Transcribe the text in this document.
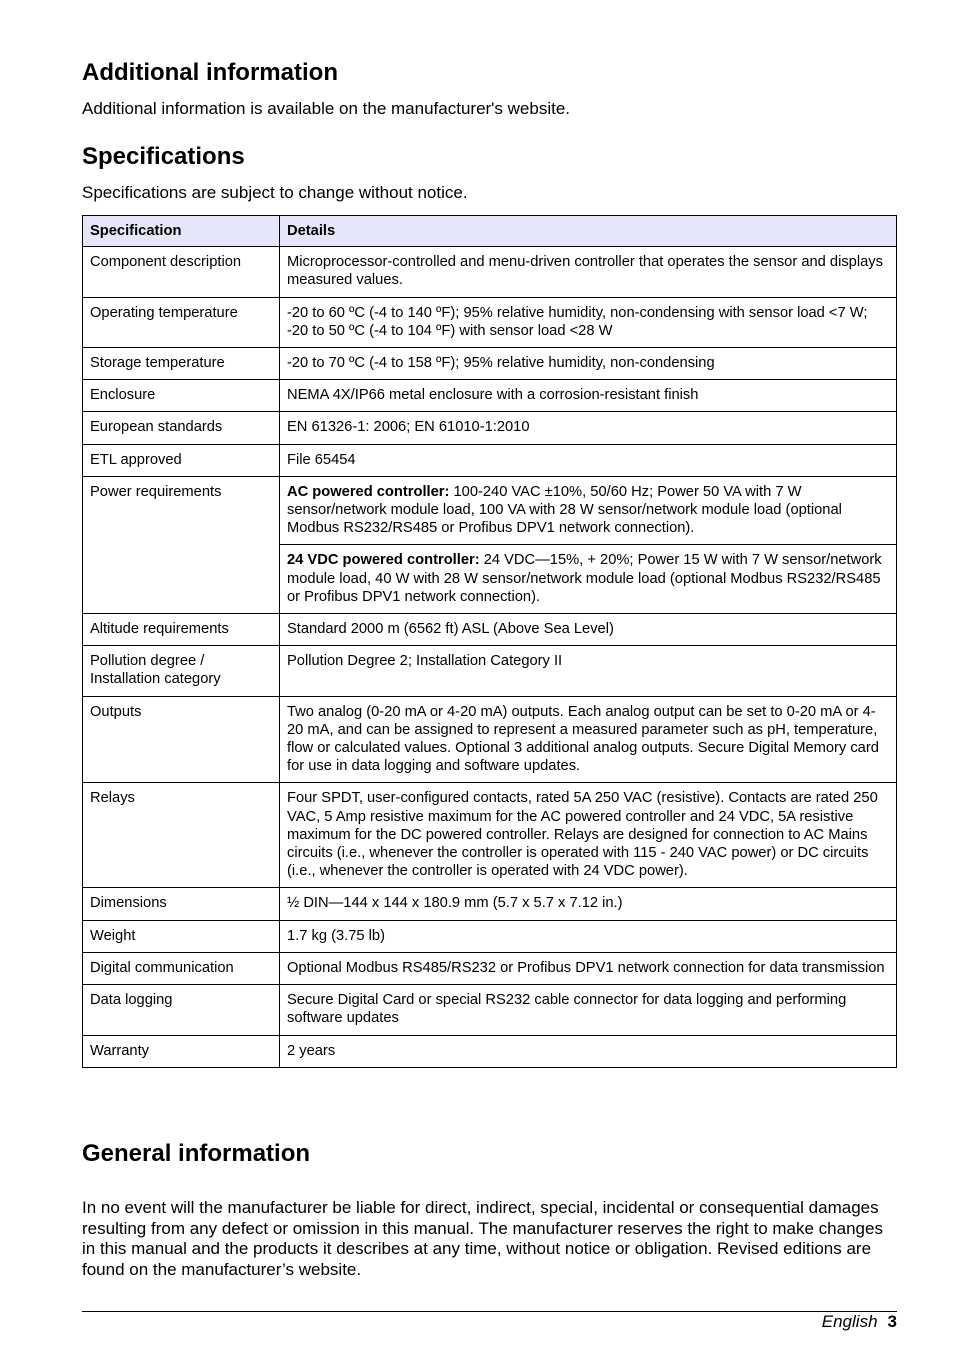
Additional information

Additional information is available on the manufacturer's website.

Specifications

Specifications are subject to change without notice.

Specification	Details
Component description	Microprocessor-controlled and menu-driven controller that operates the sensor and displays measured values.
Operating temperature	-20 to 60 ºC (-4 to 140 ºF); 95% relative humidity, non-condensing with sensor load <7 W; -20 to 50 ºC (-4 to 104 ºF) with sensor load <28 W
Storage temperature	-20 to 70 ºC (-4 to 158 ºF); 95% relative humidity, non-condensing
Enclosure	NEMA 4X/IP66 metal enclosure with a corrosion-resistant finish
European standards	EN 61326-1: 2006; EN 61010-1:2010
ETL approved	File 65454
Power requirements	AC powered controller: 100-240 VAC ±10%, 50/60 Hz; Power 50 VA with 7 W sensor/network module load, 100 VA with 28 W sensor/network module load (optional Modbus RS232/RS485 or Profibus DPV1 network connection).
	24 VDC powered controller: 24 VDC—15%, + 20%; Power 15 W with 7 W sensor/network module load, 40 W with 28 W sensor/network module load (optional Modbus RS232/RS485 or Profibus DPV1 network connection).
Altitude requirements	Standard 2000 m (6562 ft) ASL (Above Sea Level)
Pollution degree / Installation category	Pollution Degree 2; Installation Category II
Outputs	Two analog (0-20 mA or 4-20 mA) outputs. Each analog output can be set to 0-20 mA or 4-20 mA, and can be assigned to represent a measured parameter such as pH, temperature, flow or calculated values. Optional 3 additional analog outputs. Secure Digital Memory card for use in data logging and software updates.
Relays	Four SPDT, user-configured contacts, rated 5A 250 VAC (resistive). Contacts are rated 250 VAC, 5 Amp resistive maximum for the AC powered controller and 24 VDC, 5A resistive maximum for the DC powered controller. Relays are designed for connection to AC Mains circuits (i.e., whenever the controller is operated with 115 - 240 VAC power) or DC circuits (i.e., whenever the controller is operated with 24 VDC power).
Dimensions	½ DIN—144 x 144 x 180.9 mm (5.7 x 5.7 x 7.12 in.)
Weight	1.7 kg (3.75 lb)
Digital communication	Optional Modbus RS485/RS232 or Profibus DPV1 network connection for data transmission
Data logging	Secure Digital Card or special RS232 cable connector for data logging and performing software updates
Warranty	2 years
General information

In no event will the manufacturer be liable for direct, indirect, special, incidental or consequential damages resulting from any defect or omission in this manual. The manufacturer reserves the right to make changes in this manual and the products it describes at any time, without notice or obligation. Revised editions are found on the manufacturer’s website.

English 3
